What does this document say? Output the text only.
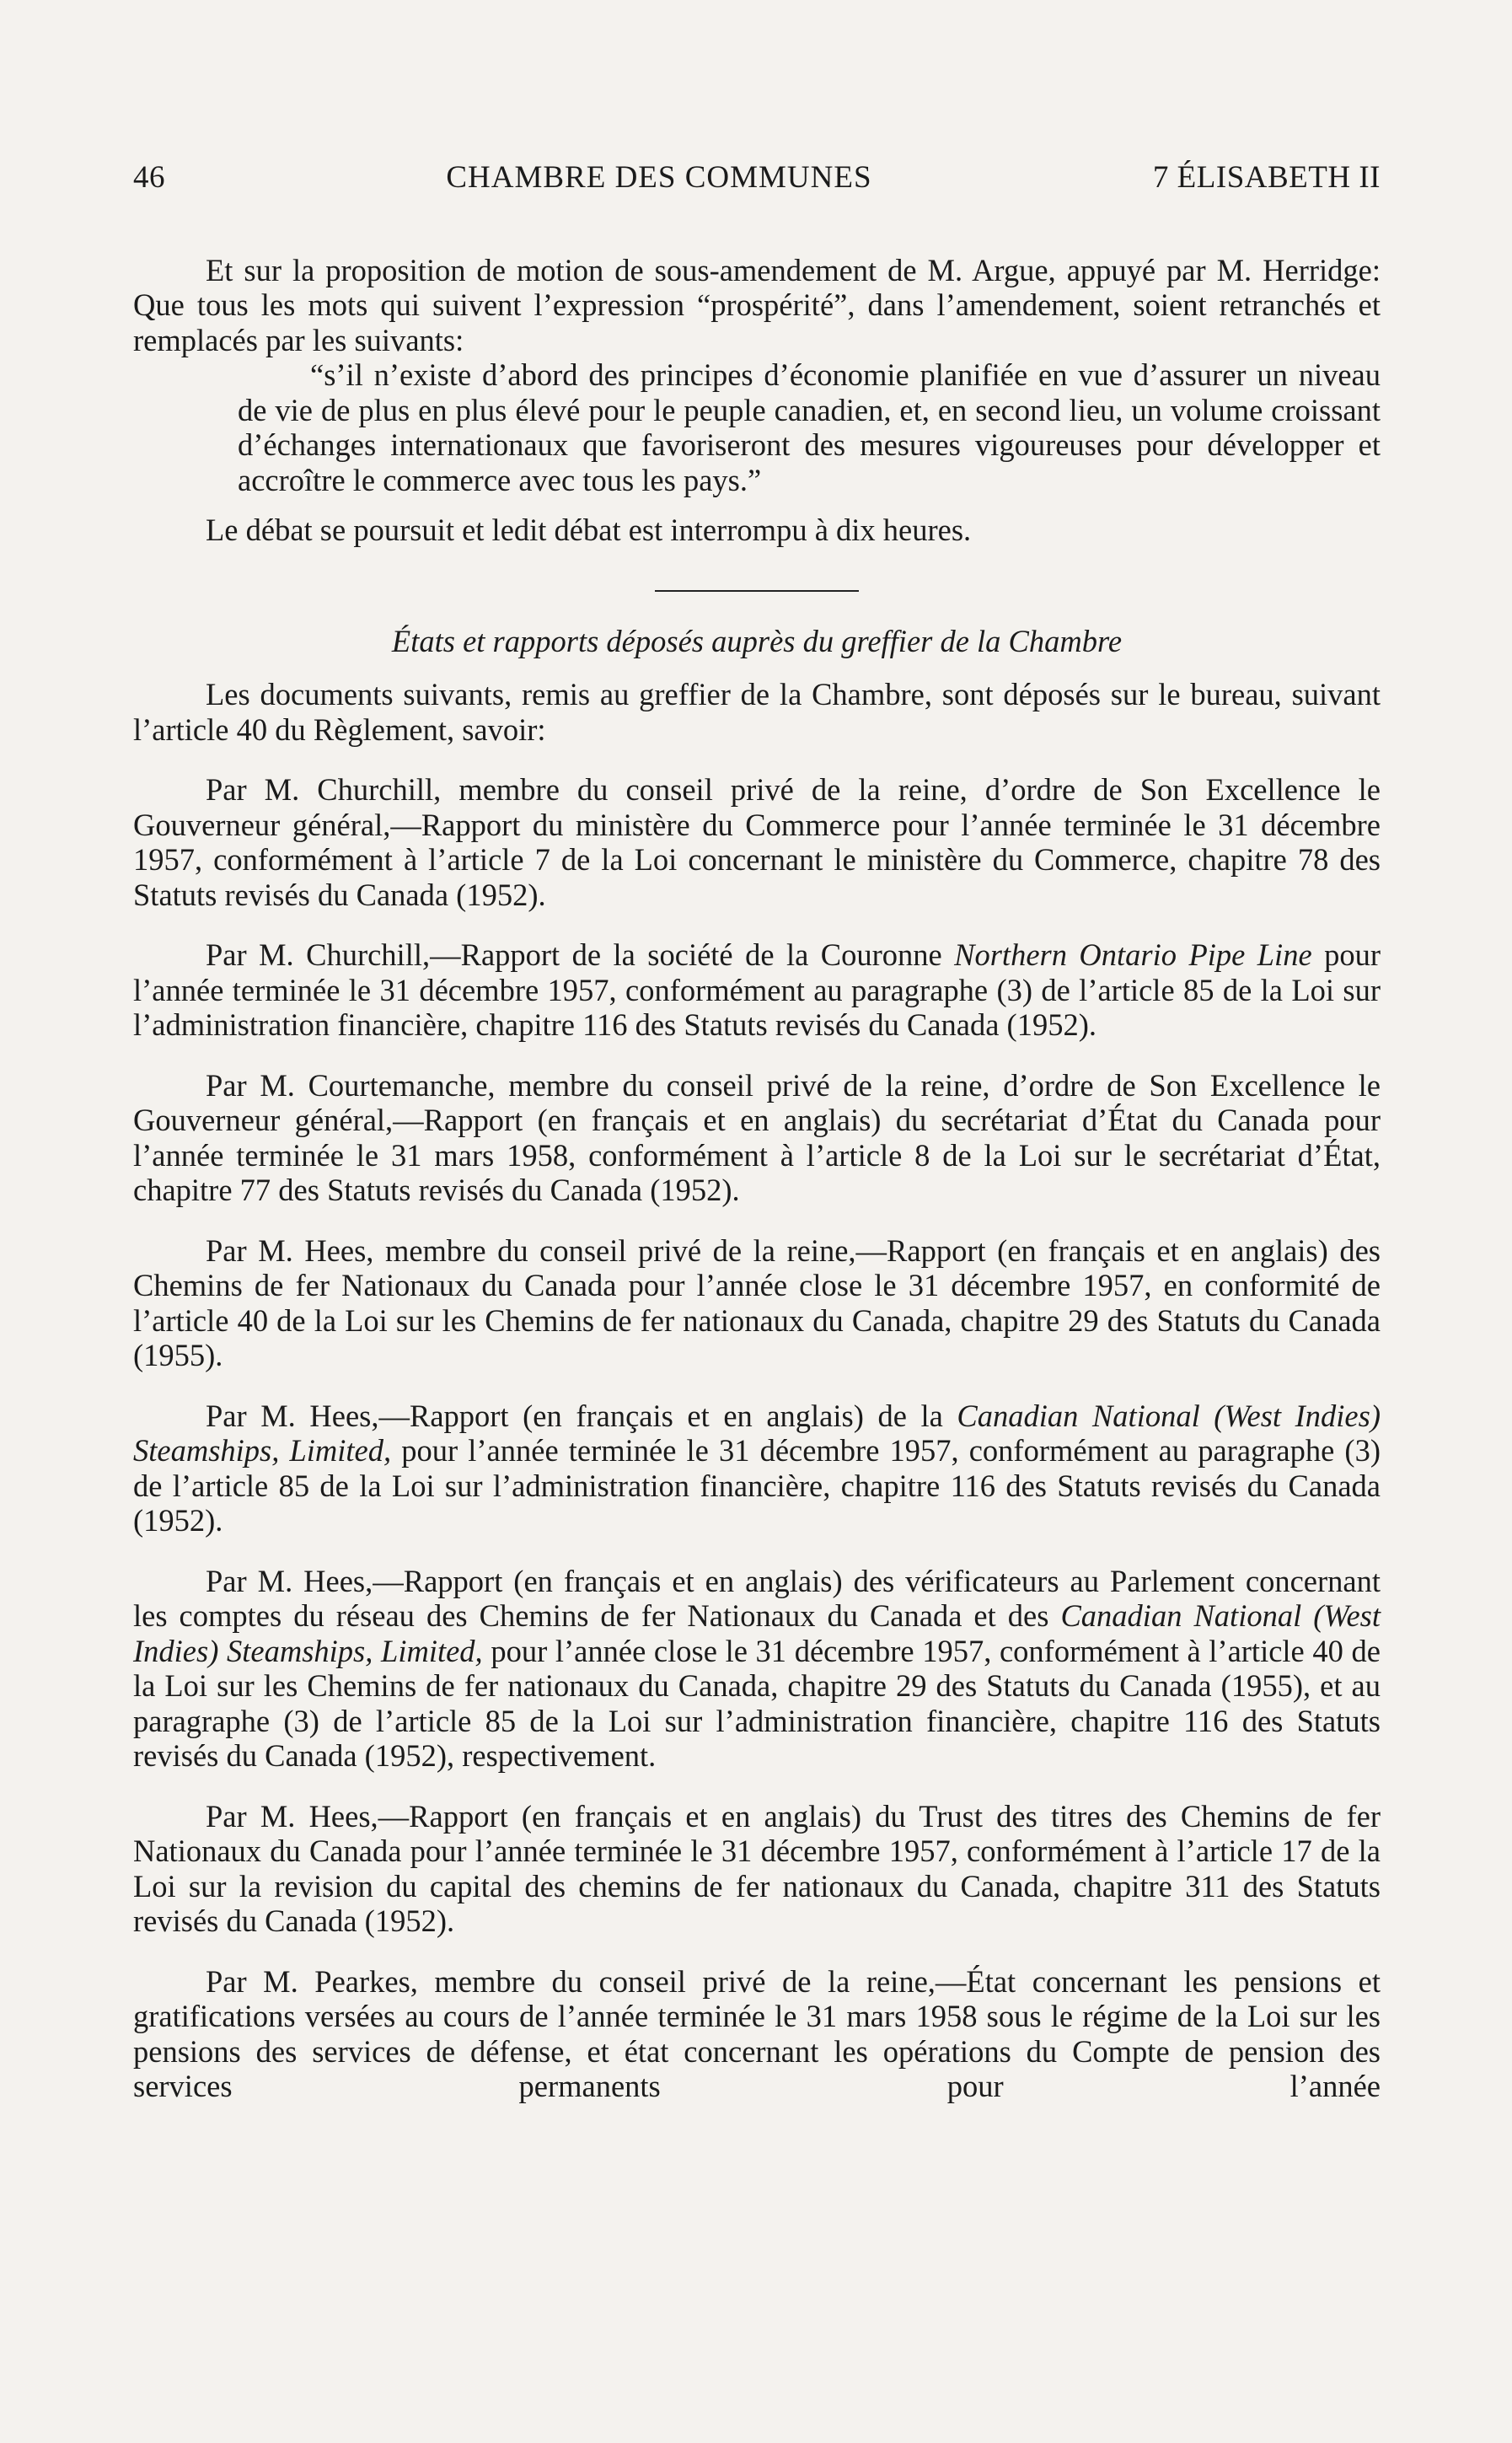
46	CHAMBRE DES COMMUNES	7 ÉLISABETH II

Et sur la proposition de motion de sous-amendement de M. Argue, appuyé par M. Herridge: Que tous les mots qui suivent l’expression “prospérité”, dans l’amendement, soient retranchés et remplacés par les suivants:

“s’il n’existe d’abord des principes d’économie planifiée en vue d’assurer un niveau de vie de plus en plus élevé pour le peuple canadien, et, en second lieu, un volume croissant d’échanges internationaux que favoriseront des mesures vigoureuses pour développer et accroître le commerce avec tous les pays.”

Le débat se poursuit et ledit débat est interrompu à dix heures.

États et rapports déposés auprès du greffier de la Chambre

Les documents suivants, remis au greffier de la Chambre, sont déposés sur le bureau, suivant l’article 40 du Règlement, savoir:

Par M. Churchill, membre du conseil privé de la reine, d’ordre de Son Excellence le Gouverneur général,—Rapport du ministère du Commerce pour l’année terminée le 31 décembre 1957, conformément à l’article 7 de la Loi concernant le ministère du Commerce, chapitre 78 des Statuts revisés du Canada (1952).

Par M. Churchill,—Rapport de la société de la Couronne Northern Ontario Pipe Line pour l’année terminée le 31 décembre 1957, conformément au paragraphe (3) de l’article 85 de la Loi sur l’administration financière, chapitre 116 des Statuts revisés du Canada (1952).

Par M. Courtemanche, membre du conseil privé de la reine, d’ordre de Son Excellence le Gouverneur général,—Rapport (en français et en anglais) du secrétariat d’État du Canada pour l’année terminée le 31 mars 1958, conformément à l’article 8 de la Loi sur le secrétariat d’État, chapitre 77 des Statuts revisés du Canada (1952).

Par M. Hees, membre du conseil privé de la reine,—Rapport (en français et en anglais) des Chemins de fer Nationaux du Canada pour l’année close le 31 décembre 1957, en conformité de l’article 40 de la Loi sur les Chemins de fer nationaux du Canada, chapitre 29 des Statuts du Canada (1955).

Par M. Hees,—Rapport (en français et en anglais) de la Canadian National (West Indies) Steamships, Limited, pour l’année terminée le 31 décembre 1957, conformément au paragraphe (3) de l’article 85 de la Loi sur l’administration financière, chapitre 116 des Statuts revisés du Canada (1952).

Par M. Hees,—Rapport (en français et en anglais) des vérificateurs au Parlement concernant les comptes du réseau des Chemins de fer Nationaux du Canada et des Canadian National (West Indies) Steamships, Limited, pour l’année close le 31 décembre 1957, conformément à l’article 40 de la Loi sur les Chemins de fer nationaux du Canada, chapitre 29 des Statuts du Canada (1955), et au paragraphe (3) de l’article 85 de la Loi sur l’administration financière, chapitre 116 des Statuts revisés du Canada (1952), respectivement.

Par M. Hees,—Rapport (en français et en anglais) du Trust des titres des Chemins de fer Nationaux du Canada pour l’année terminée le 31 décembre 1957, conformément à l’article 17 de la Loi sur la revision du capital des chemins de fer nationaux du Canada, chapitre 311 des Statuts revisés du Canada (1952).

Par M. Pearkes, membre du conseil privé de la reine,—État concernant les pensions et gratifications versées au cours de l’année terminée le 31 mars 1958 sous le régime de la Loi sur les pensions des services de défense, et état concernant les opérations du Compte de pension des services permanents pour l’année
